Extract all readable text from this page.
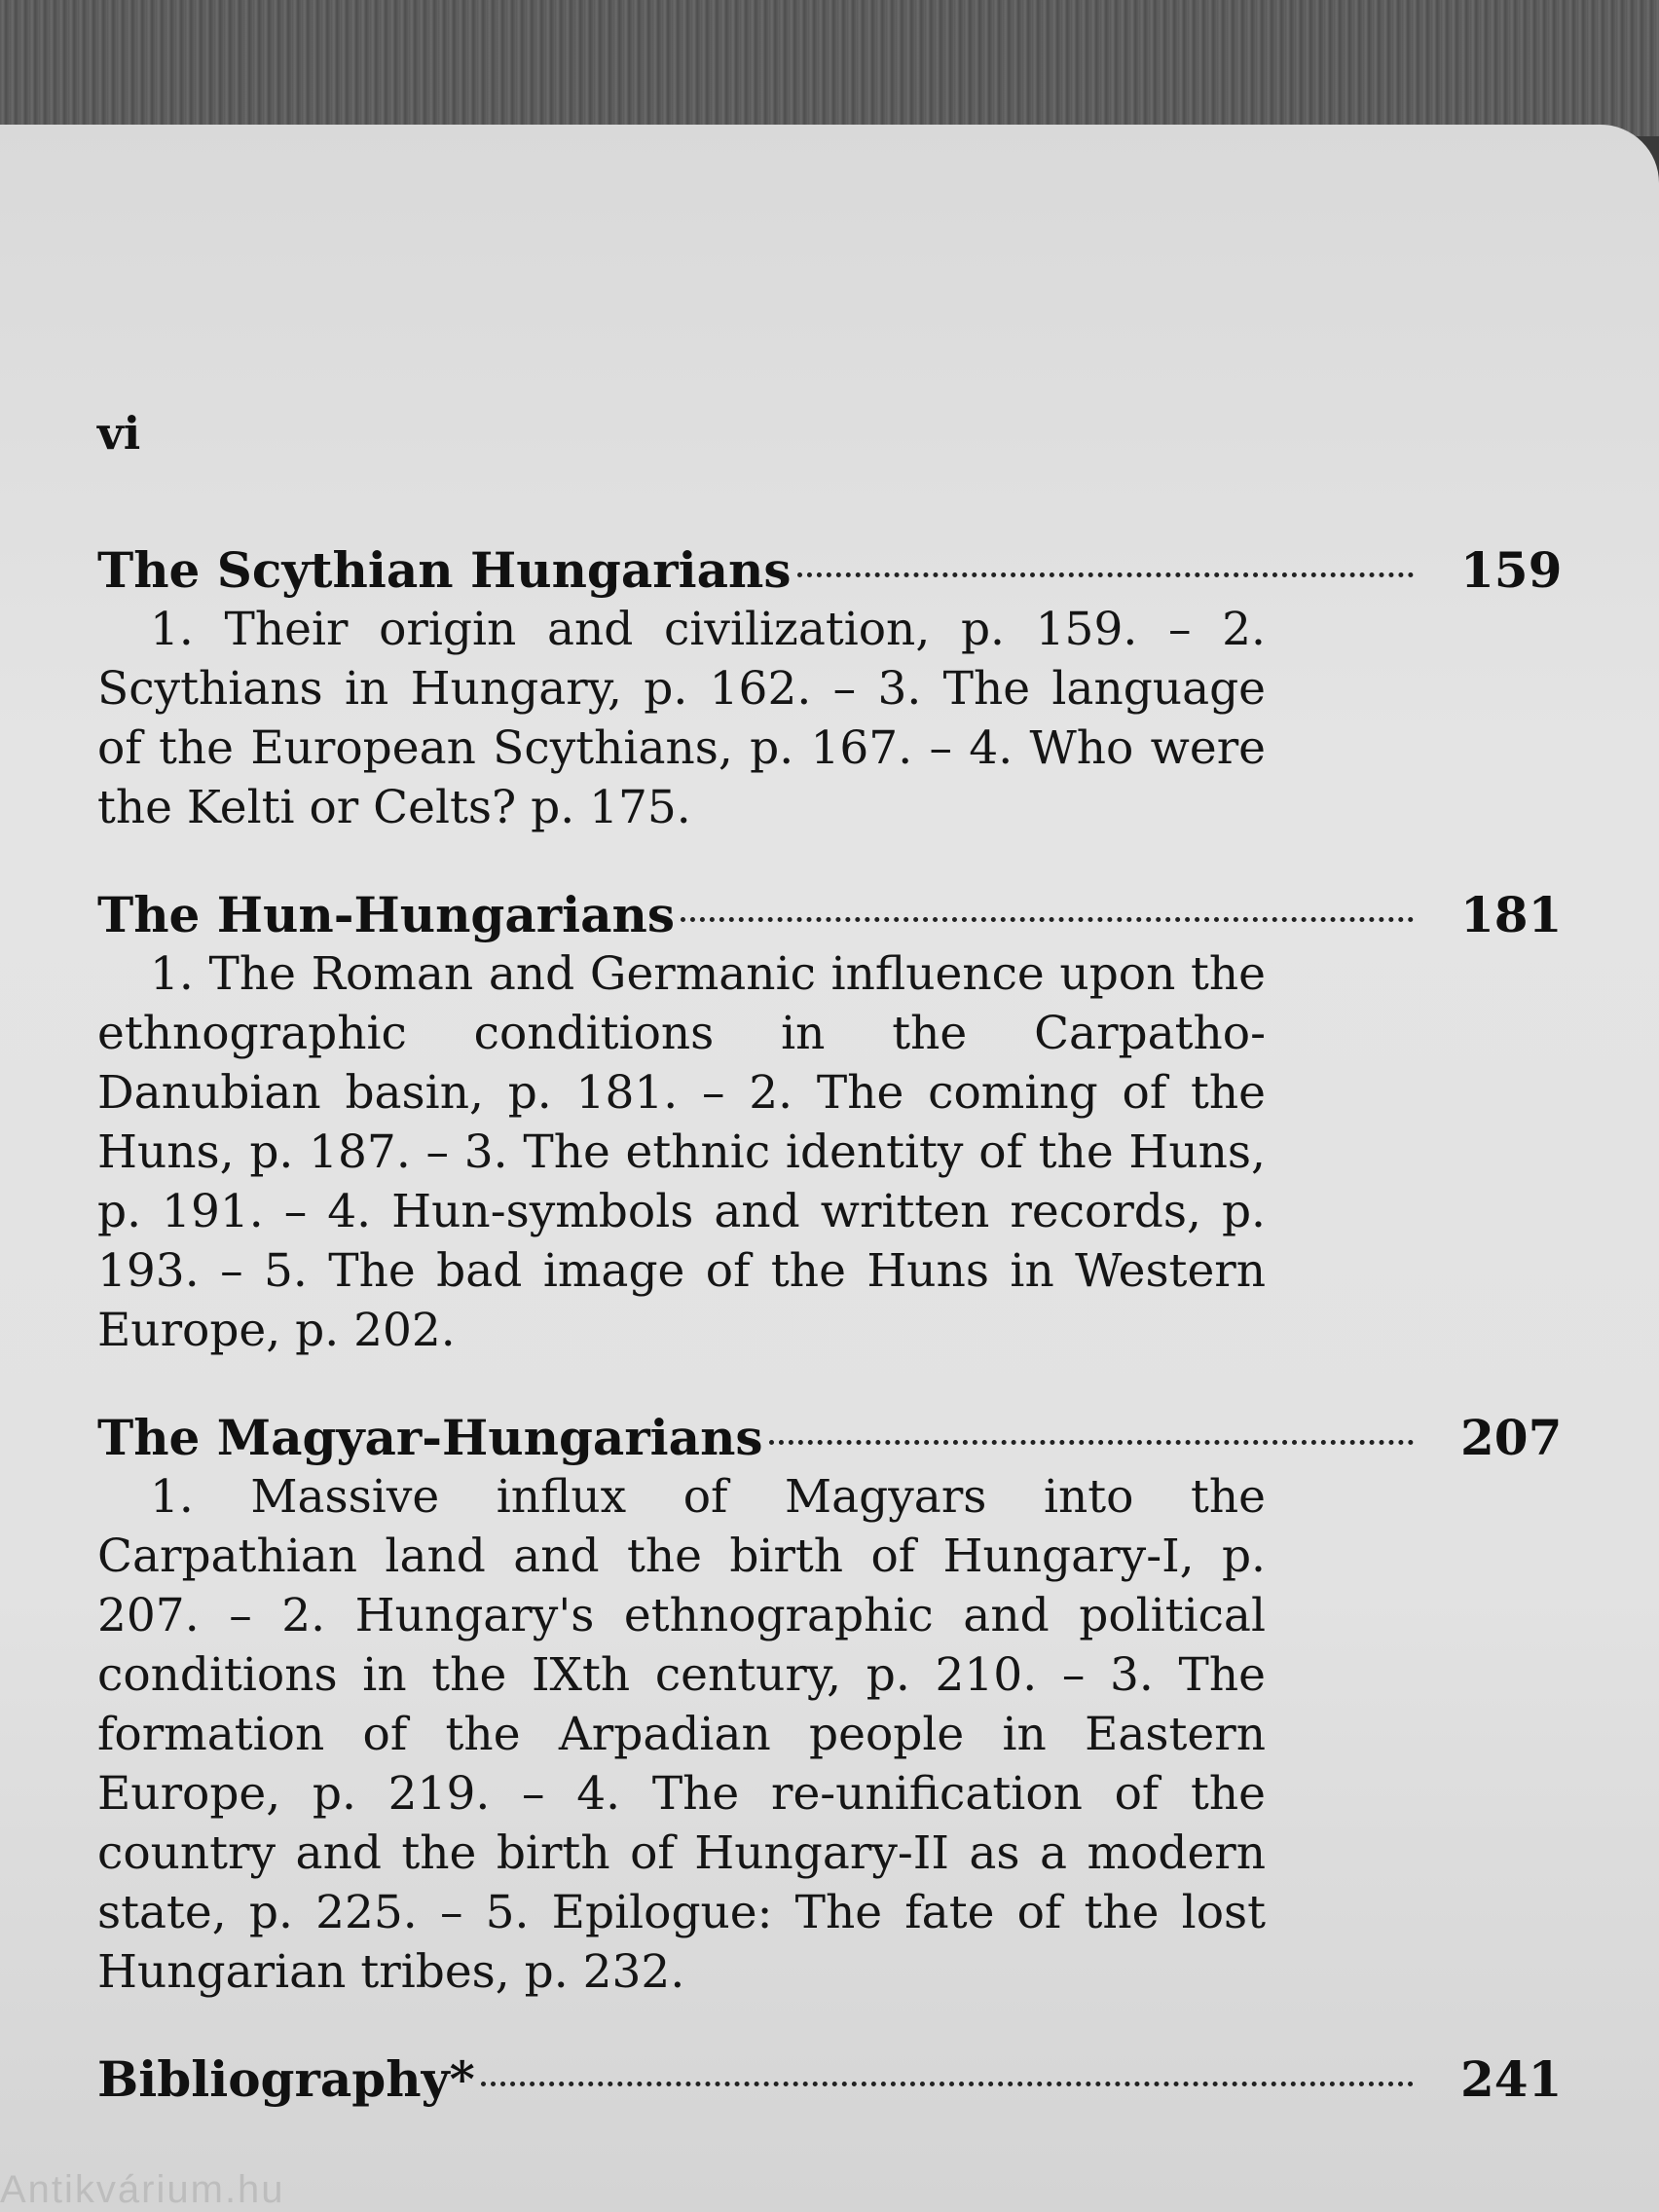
vi

The Scythian Hungarians	159

1. Their origin and civilization, p. 159. – 2. Scythians in Hungary, p. 162. – 3. The language of the European Scythians, p. 167. – 4. Who were the Kelti or Celts? p. 175.

The Hun-Hungarians	181

1. The Roman and Germanic influence upon the ethnographic conditions in the Carpatho-Danubian basin, p. 181. – 2. The coming of the Huns, p. 187. – 3. The ethnic identity of the Huns, p. 191. – 4. Hun-symbols and written records, p. 193. – 5. The bad image of the Huns in Western Europe, p. 202.

The Magyar-Hungarians	207

1. Massive influx of Magyars into the Carpathian land and the birth of Hungary-I, p. 207. – 2. Hungary's ethnographic and political conditions in the IXth century, p. 210. – 3. The formation of the Arpadian people in Eastern Europe, p. 219. – 4. The re-unification of the country and the birth of Hungary-II as a modern state, p. 225. – 5. Epilogue: The fate of the lost Hungarian tribes, p. 232.

Bibliography*	241
Antikvárium.hu
